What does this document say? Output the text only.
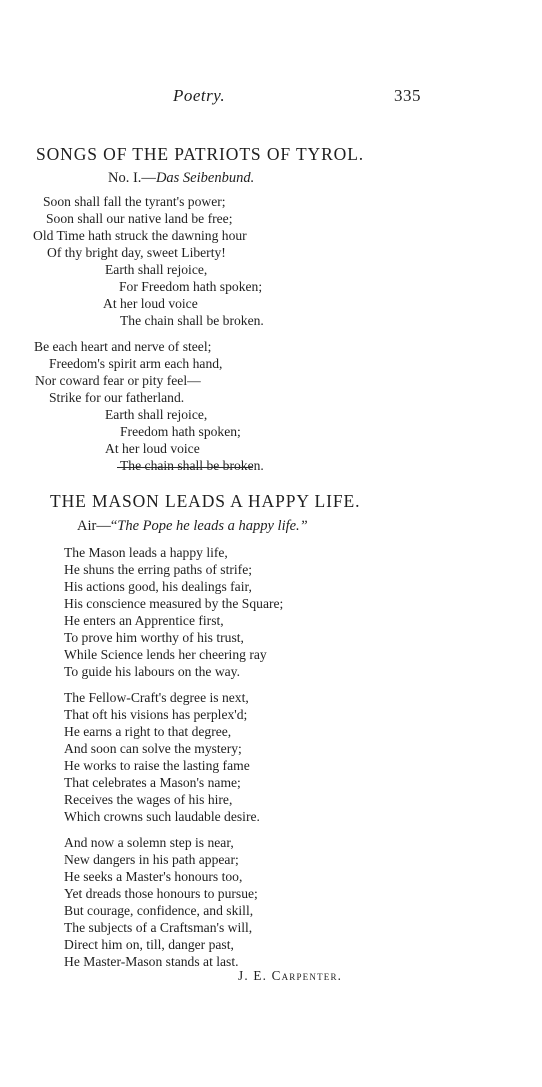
Poetry.	335
SONGS OF THE PATRIOTS OF TYROL.
No. I.—Das Seibenbund.
Soon shall fall the tyrant's power;
Soon shall our native land be free;
Old Time hath struck the dawning hour
Of thy bright day, sweet Liberty!
Earth shall rejoice,
For Freedom hath spoken;
At her loud voice
The chain shall be broken.
Be each heart and nerve of steel;
Freedom's spirit arm each hand,
Nor coward fear or pity feel—
Strike for our fatherland.
Earth shall rejoice,
Freedom hath spoken;
At her loud voice
The chain shall be broken.
THE MASON LEADS A HAPPY LIFE.
Air—“The Pope he leads a happy life.”
The Mason leads a happy life,
He shuns the erring paths of strife;
His actions good, his dealings fair,
His conscience measured by the Square;
He enters an Apprentice first,
To prove him worthy of his trust,
While Science lends her cheering ray
To guide his labours on the way.
The Fellow-Craft's degree is next,
That oft his visions has perplex'd;
He earns a right to that degree,
And soon can solve the mystery;
He works to raise the lasting fame
That celebrates a Mason's name;
Receives the wages of his hire,
Which crowns such laudable desire.
And now a solemn step is near,
New dangers in his path appear;
He seeks a Master's honours too,
Yet dreads those honours to pursue;
But courage, confidence, and skill,
The subjects of a Craftsman's will,
Direct him on, till, danger past,
He Master-Mason stands at last.
J. E. Carpenter.
